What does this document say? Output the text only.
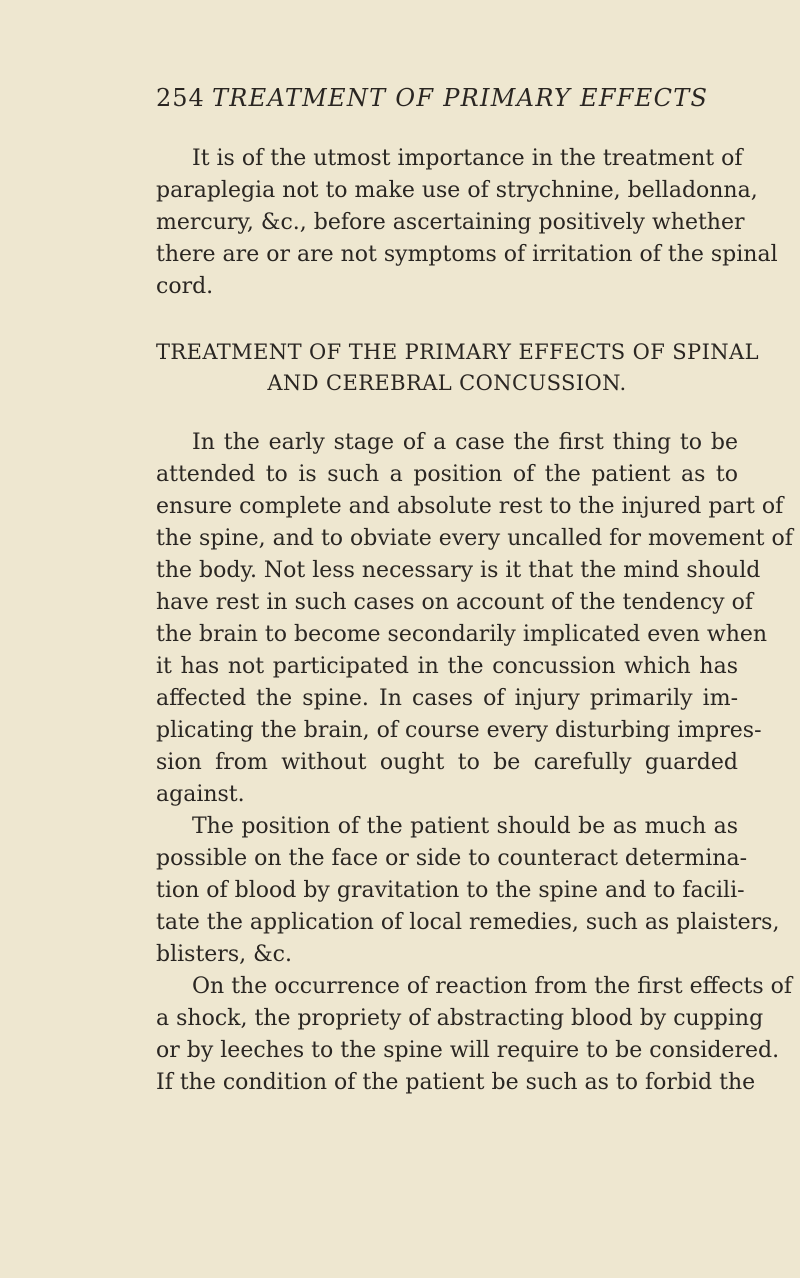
254 TREATMENT OF PRIMARY EFFECTS
It is of the utmost importance in the treatment of
paraplegia not to make use of strychnine, belladonna,
mercury, &c., before ascertaining positively whether
there are or are not symptoms of irritation of the spinal
cord.
TREATMENT OF THE PRIMARY EFFECTS OF SPINAL
AND CEREBRAL CONCUSSION.
In the early stage of a case the first thing to be
attended to is such a position of the patient as to
ensure complete and absolute rest to the injured part of
the spine, and to obviate every uncalled for movement of
the body. Not less necessary is it that the mind should
have rest in such cases on account of the tendency of
the brain to become secondarily implicated even when
it has not participated in the concussion which has
affected the spine. In cases of injury primarily im-
plicating the brain, of course every disturbing impres-
sion from without ought to be carefully guarded
against.
The position of the patient should be as much as
possible on the face or side to counteract determina-
tion of blood by gravitation to the spine and to facili-
tate the application of local remedies, such as plaisters,
blisters, &c.
On the occurrence of reaction from the first effects of
a shock, the propriety of abstracting blood by cupping
or by leeches to the spine will require to be considered.
If the condition of the patient be such as to forbid the
